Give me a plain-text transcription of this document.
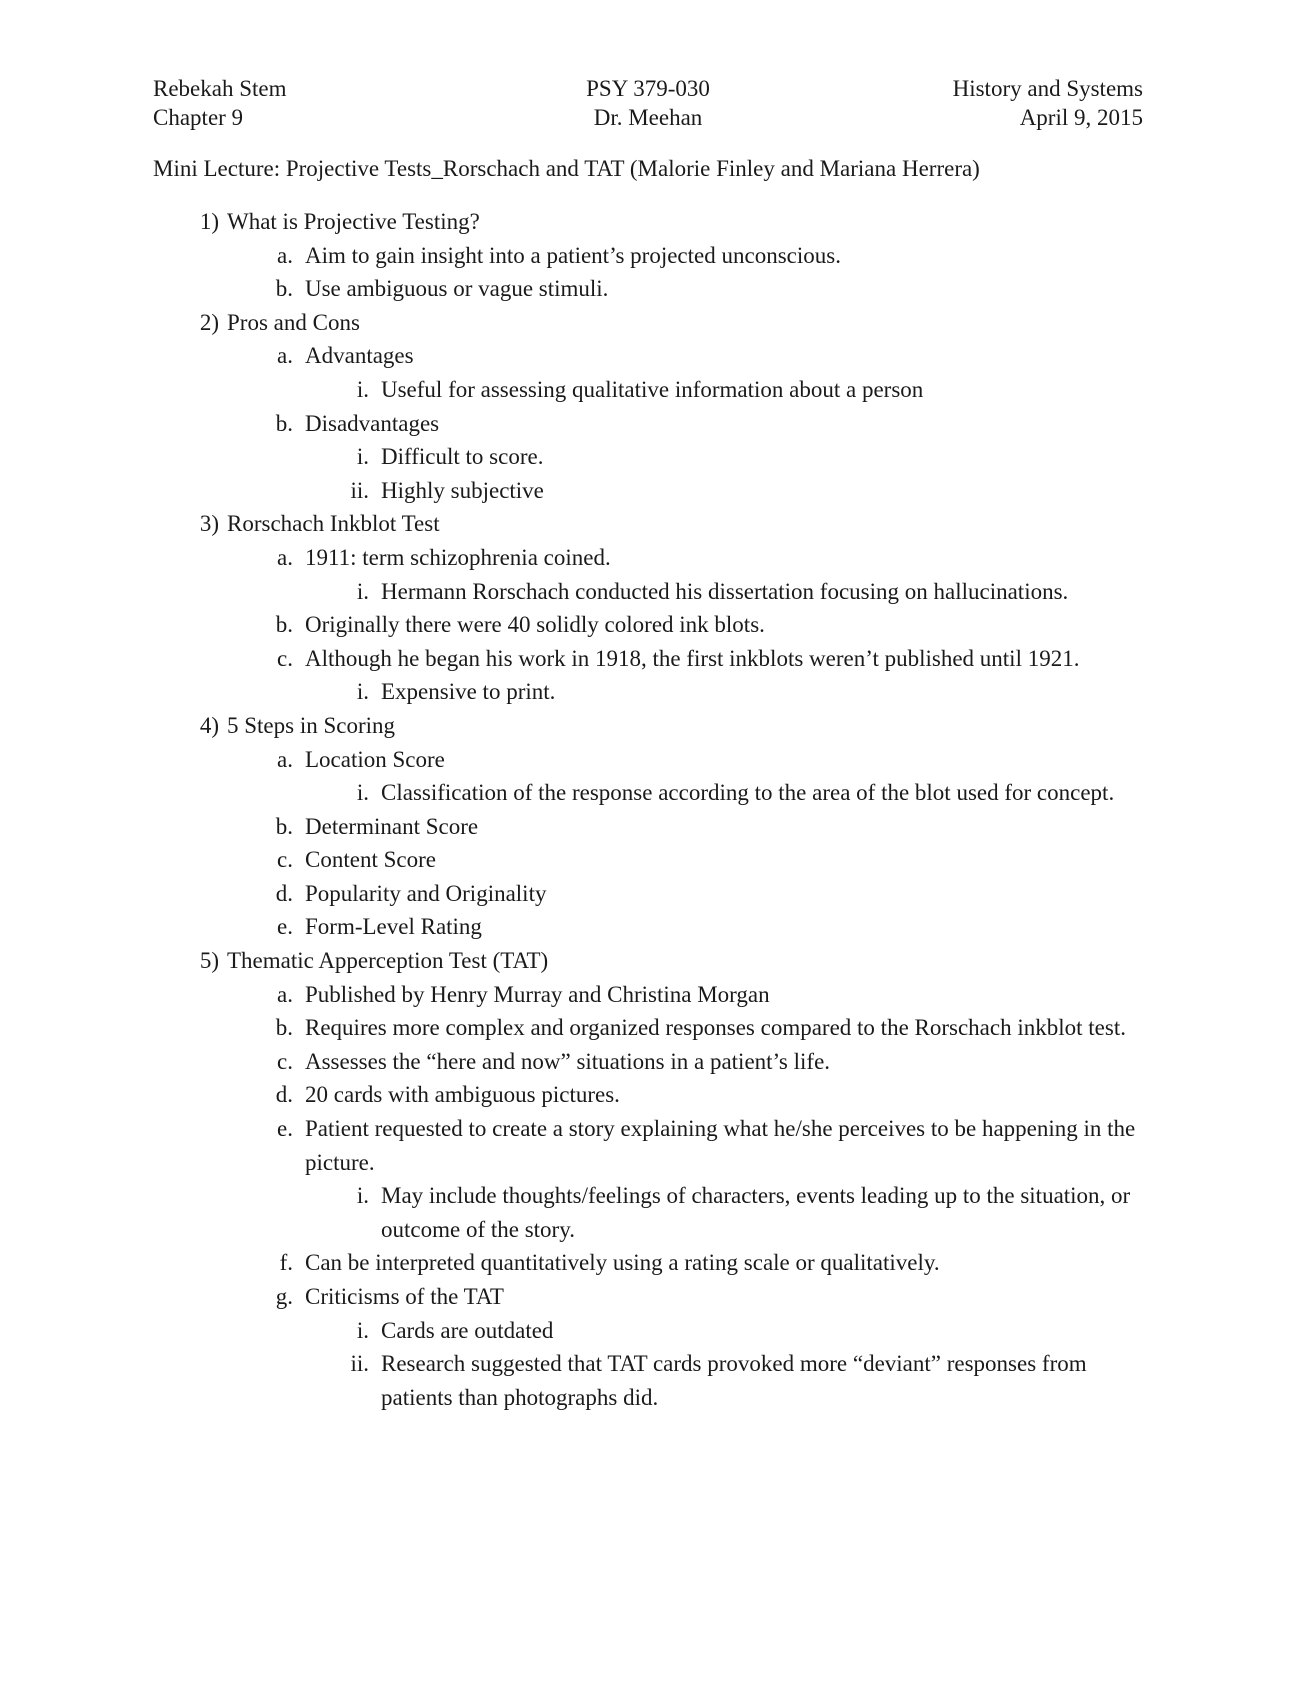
Rebekah Stem	PSY 379-030	History and Systems
Chapter 9	Dr. Meehan	April 9, 2015
Mini Lecture: Projective Tests_Rorschach and TAT (Malorie Finley and Mariana Herrera)
1) What is Projective Testing?
a. Aim to gain insight into a patient’s projected unconscious.
b. Use ambiguous or vague stimuli.
2) Pros and Cons
a. Advantages
i. Useful for assessing qualitative information about a person
b. Disadvantages
i. Difficult to score.
ii. Highly subjective
3) Rorschach Inkblot Test
a. 1911: term schizophrenia coined.
i. Hermann Rorschach conducted his dissertation focusing on hallucinations.
b. Originally there were 40 solidly colored ink blots.
c. Although he began his work in 1918, the first inkblots weren’t published until 1921.
i. Expensive to print.
4) 5 Steps in Scoring
a. Location Score
i. Classification of the response according to the area of the blot used for concept.
b. Determinant Score
c. Content Score
d. Popularity and Originality
e. Form-Level Rating
5) Thematic Apperception Test (TAT)
a. Published by Henry Murray and Christina Morgan
b. Requires more complex and organized responses compared to the Rorschach inkblot test.
c. Assesses the “here and now” situations in a patient’s life.
d. 20 cards with ambiguous pictures.
e. Patient requested to create a story explaining what he/she perceives to be happening in the picture.
i. May include thoughts/feelings of characters, events leading up to the situation, or outcome of the story.
f. Can be interpreted quantitatively using a rating scale or qualitatively.
g. Criticisms of the TAT
i. Cards are outdated
ii. Research suggested that TAT cards provoked more “deviant” responses from patients than photographs did.
